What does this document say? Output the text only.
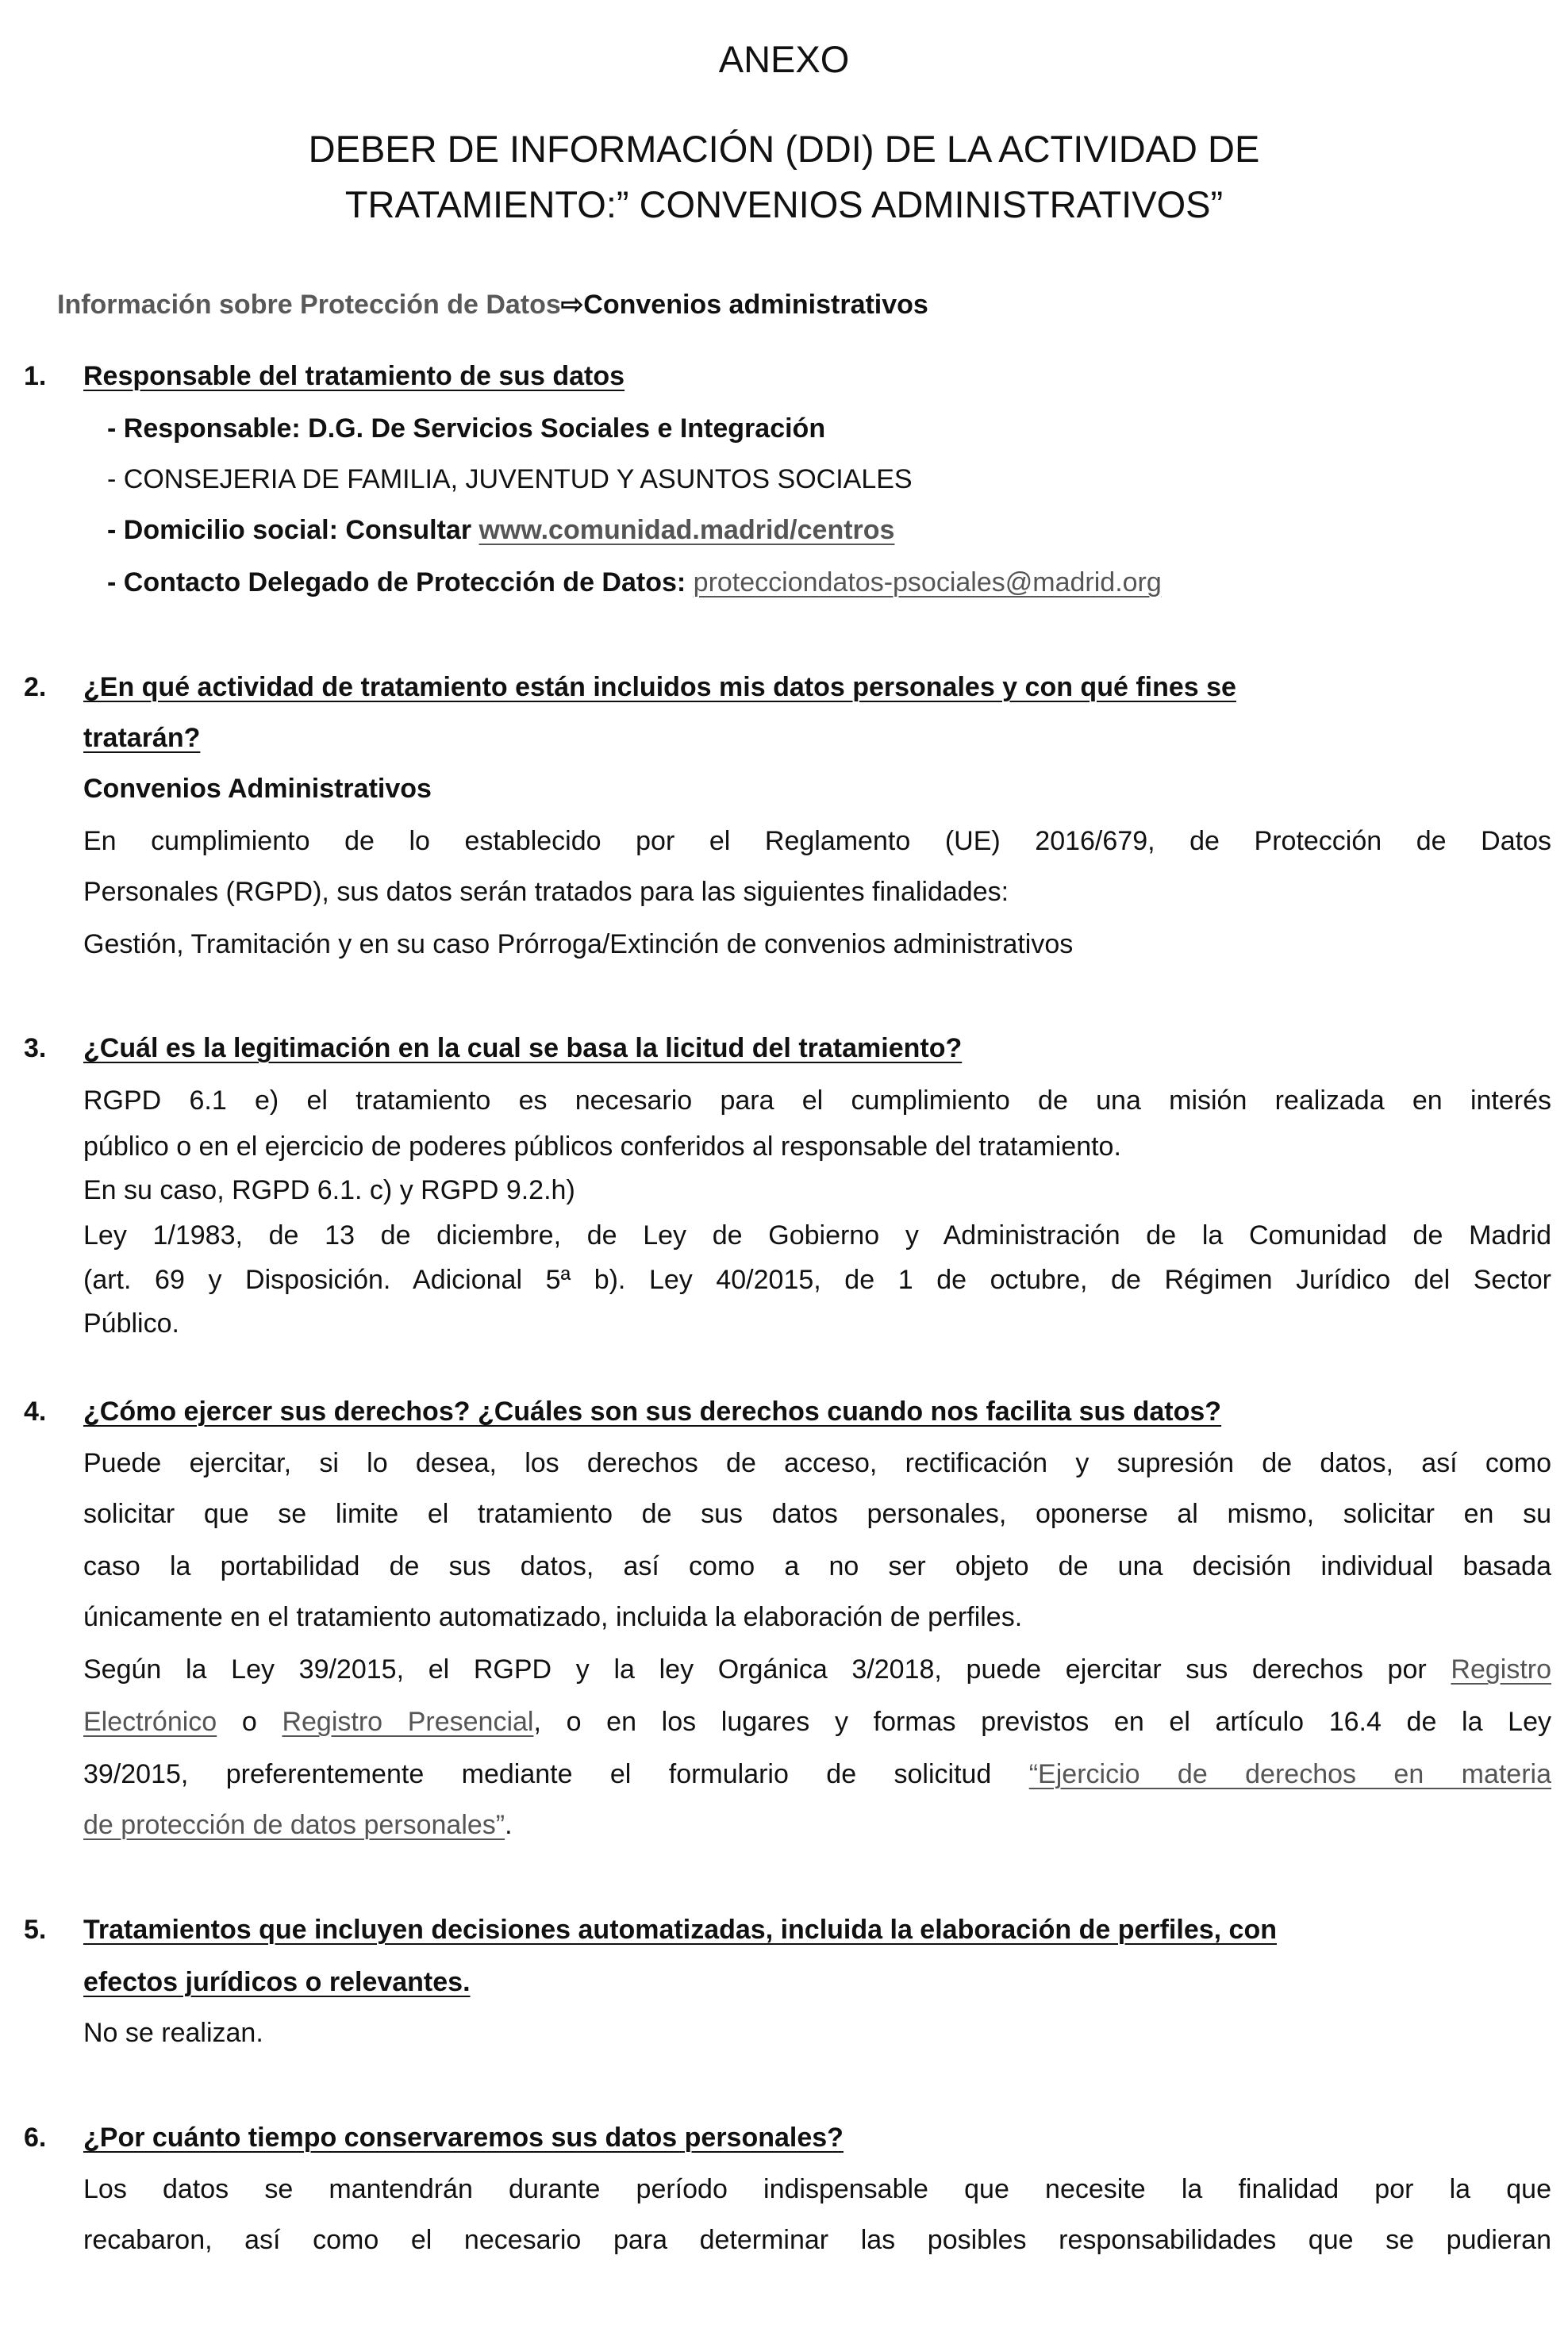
ANEXO
DEBER DE INFORMACIÓN (DDI) DE LA ACTIVIDAD DE
TRATAMIENTO:” CONVENIOS ADMINISTRATIVOS”
Información sobre Protección de Datos⇨Convenios administrativos
1. Responsable del tratamiento de sus datos
- Responsable: D.G. De Servicios Sociales e Integración
- CONSEJERIA DE FAMILIA, JUVENTUD Y ASUNTOS SOCIALES
- Domicilio social: Consultar www.comunidad.madrid/centros
- Contacto Delegado de Protección de Datos: protecciondatos-psociales@madrid.org
2. ¿En qué actividad de tratamiento están incluidos mis datos personales y con qué fines se
tratarán?
Convenios Administrativos
En cumplimiento de lo establecido por el Reglamento (UE) 2016/679, de Protección de Datos
Personales (RGPD), sus datos serán tratados para las siguientes finalidades:
Gestión, Tramitación y en su caso Prórroga/Extinción de convenios administrativos
3. ¿Cuál es la legitimación en la cual se basa la licitud del tratamiento?
RGPD 6.1 e) el tratamiento es necesario para el cumplimiento de una misión realizada en interés
público o en el ejercicio de poderes públicos conferidos al responsable del tratamiento.
En su caso, RGPD 6.1. c) y RGPD 9.2.h)
Ley 1/1983, de 13 de diciembre, de Ley de Gobierno y Administración de la Comunidad de Madrid
(art. 69 y Disposición. Adicional 5ª b). Ley 40/2015, de 1 de octubre, de Régimen Jurídico del Sector
Público.
4. ¿Cómo ejercer sus derechos? ¿Cuáles son sus derechos cuando nos facilita sus datos?
Puede ejercitar, si lo desea, los derechos de acceso, rectificación y supresión de datos, así como
solicitar que se limite el tratamiento de sus datos personales, oponerse al mismo, solicitar en su
caso la portabilidad de sus datos, así como a no ser objeto de una decisión individual basada
únicamente en el tratamiento automatizado, incluida la elaboración de perfiles.
Según la Ley 39/2015, el RGPD y la ley Orgánica 3/2018, puede ejercitar sus derechos por Registro
Electrónico o Registro Presencial, o en los lugares y formas previstos en el artículo 16.4 de la Ley
39/2015, preferentemente mediante el formulario de solicitud “Ejercicio de derechos en materia
de protección de datos personales”.
5. Tratamientos que incluyen decisiones automatizadas, incluida la elaboración de perfiles, con
efectos jurídicos o relevantes.
No se realizan.
6. ¿Por cuánto tiempo conservaremos sus datos personales?
Los datos se mantendrán durante período indispensable que necesite la finalidad por la que
recabaron, así como el necesario para determinar las posibles responsabilidades que se pudieran
